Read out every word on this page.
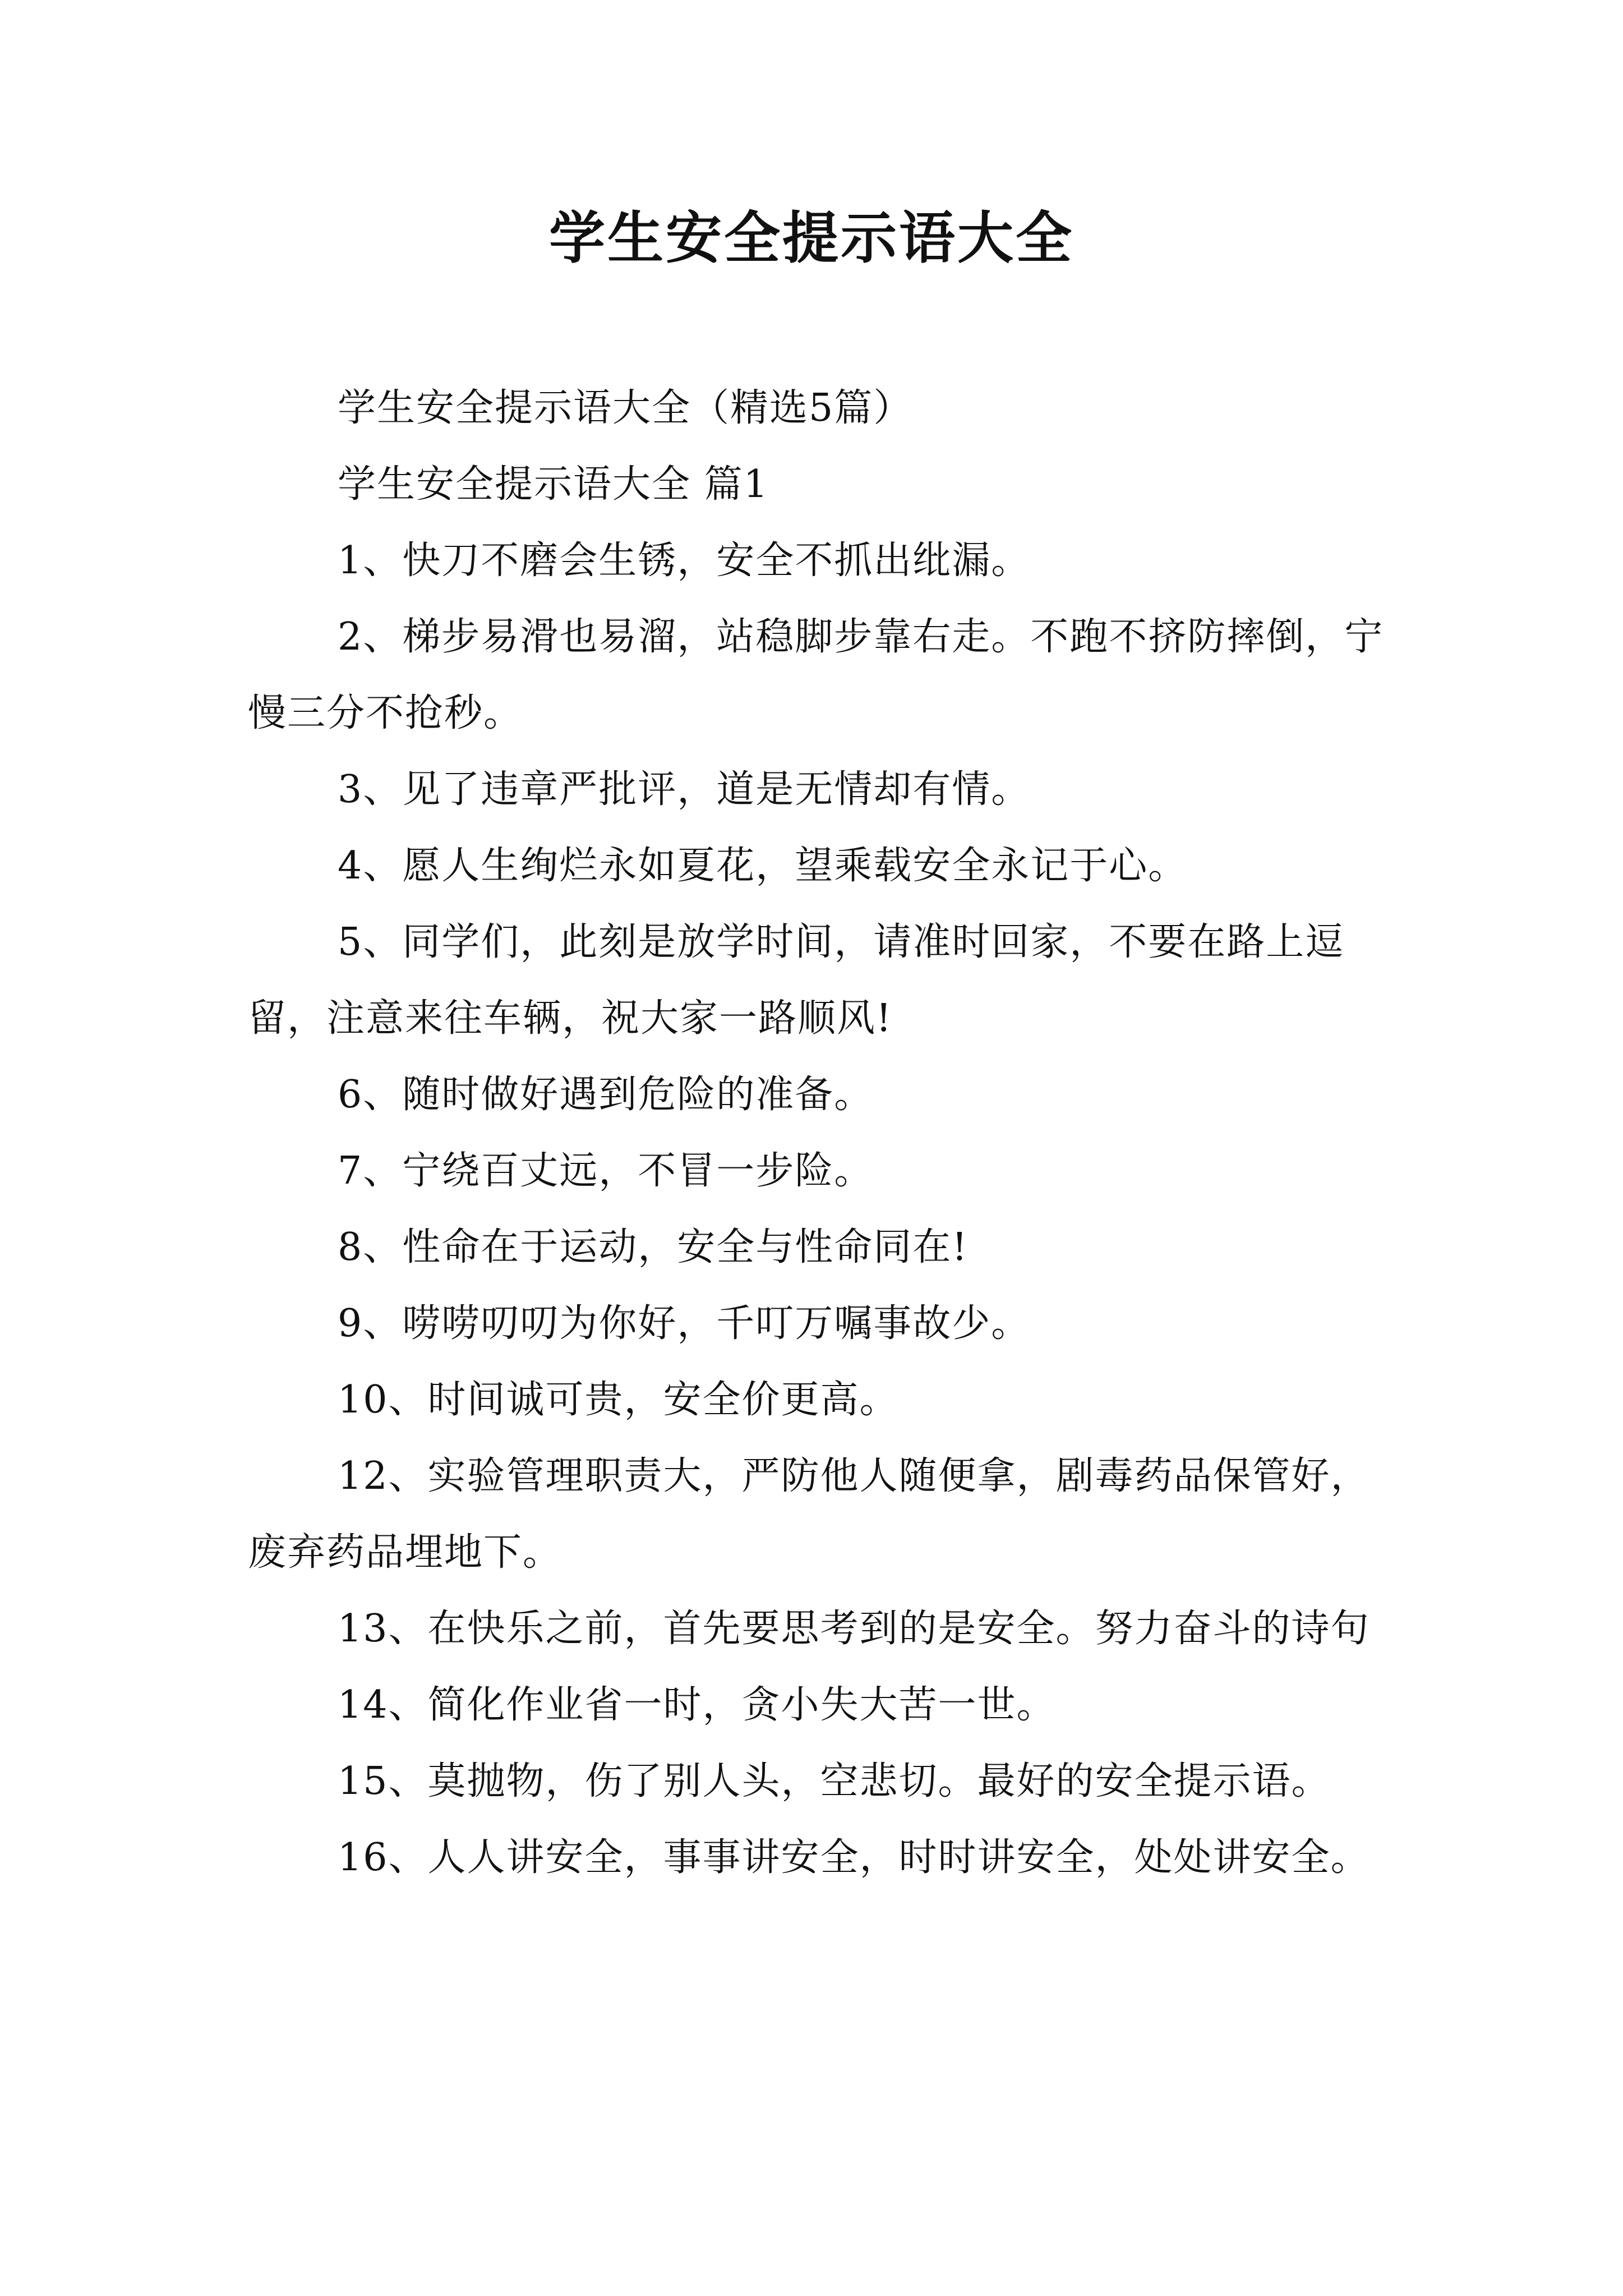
学生安全提示语大全

学生安全提示语大全（精选5篇）

学生安全提示语大全 篇1

1、快刀不磨会生锈，安全不抓出纰漏。

2、梯步易滑也易溜，站稳脚步靠右走。不跑不挤防摔倒，宁慢三分不抢秒。

3、见了违章严批评，道是无情却有情。

4、愿人生绚烂永如夏花，望乘载安全永记于心。

5、同学们，此刻是放学时间，请准时回家，不要在路上逗留，注意来往车辆，祝大家一路顺风!

6、随时做好遇到危险的准备。

7、宁绕百丈远，不冒一步险。

8、性命在于运动，安全与性命同在!

9、唠唠叨叨为你好，千叮万嘱事故少。

10、时间诚可贵，安全价更高。

12、实验管理职责大，严防他人随便拿，剧毒药品保管好，废弃药品埋地下。

13、在快乐之前，首先要思考到的是安全。努力奋斗的诗句

14、简化作业省一时，贪小失大苦一世。

15、莫抛物，伤了别人头，空悲切。最好的安全提示语。

16、人人讲安全，事事讲安全，时时讲安全，处处讲安全。
